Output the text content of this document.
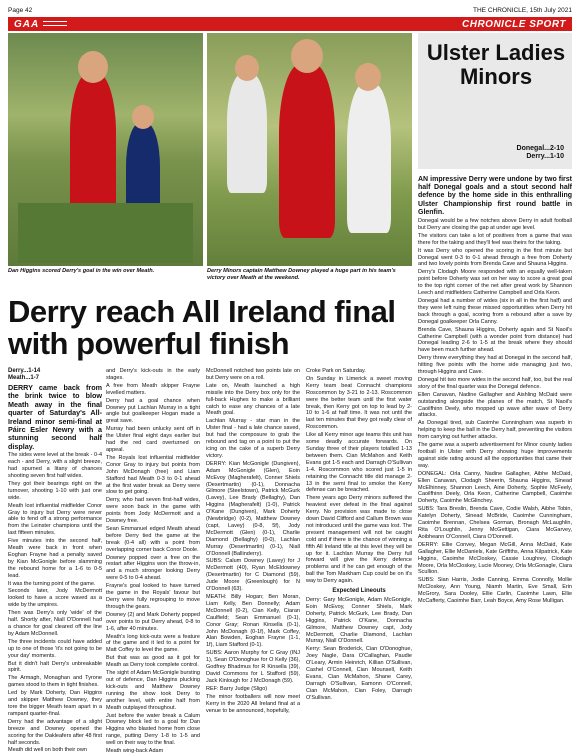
Page 42	THE CHRONICLE, 15th July 2021
GAA	CHRONICLE SPORT
Dan Higgins scored Derry's goal in the win over Meath.	Derry Minors captain Matthew Downey played a huge part in his team's victory over Meath at the weekend.
Ulster Ladies Minors
Donegal...2-10
Derry...1-10
Derry reach All Ireland final with powerful finish
Derry...1-14
Meath...1-7

DERRY came back from the brink twice to blow Meath away in the final quarter of Saturday's All-Ireland minor semi-final at Páirc Esler Newry with a stunning second half display.

The sides were level at the break - 0-4 each - and Derry, with a slight breeze, had spurned a litany of chances shooting seven first half wides.

They got their bearings right on the turnover, shooting 1-10 with just one wide.

Meath lost influential midfielder Conor Gray to injury but Derry were never able to fend off a strong performance from the Leinster champions until the last fifteen minutes.

Five minutes into the second half, Meath were back in front when Eoghan Frayne had a penalty saved by Kian McGonigle before slamming the rebound home for a 1-6 to 0-5 lead.

It was the turning point of the game.

Seconds later, Jody McDermott looked to have a score waved as a wide by the umpires.

Then was Derry's only 'wide' of the half. Shortly after, Niall O'Donnell had a chance for goal cleared off the line by Adam McDonnell.

The three incidents could have added up to one of those 'it's not going to be your day' moments.

But it didn't halt Derry's unbreakable spirit.

The Armagh, Monaghan and Tyrone games stood to them in tight finishes.

Led by Mark Doherty, Dan Higgins and skipper Matthew Downey, they tore the bigger Meath team apart in a rampant quarter-final.

Derry had the advantage of a slight breeze and Downey opened the scoring for the Oakleafers after 48 first half seconds.

Meath did well on both their own

and Derry's kick-outs in the early stages.

A free from Meath skipper Frayne levelled matters.

Derry had a goal chance when Downey put Lachlan Murray in a tight angle but goalkeeper Hogan made a great save.

Murray had been unlucky sent off in the Ulster final eight days earlier but had the red card overturned on appeal.

The Royals lost influential midfielder Conor Gray to injury but points from John McDonagh (free) and Liam Stafford had Meath 0-3 to 0-1 ahead at the first water break as Derry were slow to get going.

Derry, who had seven first-half wides, were soon back in the game with points from Jody McDermott and a Downey free.

Sean Emmanuel edged Meath ahead before Derry tied the game at the break (0-4 all) with a point from overlapping corner back Conor Doole.

Downey popped over a free on the restart after Higgins won the throw-in, and a much stronger looking Derry were 0-5 to 0-4 ahead.

Frayne's goal looked to have turned the game in the Royals' favour but Derry were fully regrouping to move through the gears.

Downey (2) and Mark Doherty popped over points to put Derry ahead, 0-8 to 1-6, after 40 minutes.

Meath's long kick-outs were a feature of the game and it led to a point for Matt Coffey to level the game.

But that was as good as it got for Meath as Derry took complete control.

The sight of Adam McGonigle bursting out of defence, Dan Higgins plucking kick-outs and Matthew Downey running the show took Derry to another level, with entire half from Meath outplayed throughout.

Just before the water break a Calum Downey block led to a goal for Dan Higgins who blasted home from close range, putting Derry 1-8 to 1-5 and well on their way to the final.

Meath wing-back Adam

McDonnell notched two points late on but Derry were on a roll.

Late on, Meath launched a high missile into the Derry box only for the full-back Hughes to make a brilliant catch to ease any chances of a late Meath goal.

Lachlan Murray - star man in the Ulster final - had a late chance saved, but had the composure to grab the rebound and tag on a point to put the icing on the cake of a superb Derry victory.

DERRY: Kian McGonigle (Dungiven), Adam McGonigle (Glen), Eoin McEvoy (Magherafelt), Conner Shiels (Desertmartin) (0-1), Donnacha Gilmore (Steelstown), Patrick McGurk (Lavey), Lee Brady (Bellaghy), Dan Higgins (Magherafelt) (1-0), Patrick O'Kane (Dungiven), Mark Doherty (Newbridge) (0-2), Matthew Downey (capt, Lavey) (0-8, 5f), Jody McDermott (Glen) (0-1), Charlie Diamond (Bellaghy) (0-0), Lachlan Murray (Desertmartin) (0-1), Niall O'Donnell (Ballinderry).

SUBS: Calum Downey (Lavey) for J McDermott (40), Ryan McEldowney (Desertmartin) for C Diamond (59), Jude Moore (Greenlough) for N O'Donnell (63).

MEATH: Billy Hogan; Ben Moran, Liam Kelly, Ben Donnelly; Adam McDonnell (0-2), Cian Kelly, Ciaran Caulfield; Sean Emmanuel (0-1), Conor Gray; Ronan Kinsella (0-1), John McDonagh (0-1f), Mark Coffey, Alan Bowden, Eoghan Frayne (1-1, 1f), Liam Stafford (0-1).

SUBS: Aaron Murphy for C Gray (INJ 1), Sean O'Donoghue for O Kelly (36), Godfrey Bhadmus for R Kinsella (39), David Commons for L Stafford (59), Jack Kinlough for J McDonagh (59).

REF: Barry Judge (Sligo)

The minor footballers will now meet Kerry in the 2020 All Ireland final at a venue to be announced, hopefully,

Croke Park on Saturday.

On Sunday in Limerick a sweet moving Kerry team beat Connacht champions Roscommon by 3-21 to 2-13. Roscommon were the better team until the first water break, then Kerry got on top to lead by 2-10 to 1-6 at half time. It was not until the last ten minutes that they got really clear of Roscommon.

Like all Kerry minor age teams this unit has some deadly accurate forwards. On Sunday three of their players totalled 1-13 between them. Cian McMahon and Keith Evans got 1-5 each and Darragh O'Sullivan 1-4. Roscommon who scored just 1-5 in retaining the Connacht title did manage 2-13 in the semi final to smoke the Kerry defense can be breached.

There years ago Derry minors suffered the heaviest ever defeat in the final against Kerry. No provision was made to close down David Clifford and Callum Brown was not introduced until the game was lost. The present management will not be caught cold and if there is the chance of winning a fifth All Ireland title at this level they will be up for it. Lachlan Murray the Derry full forward will give the Kerry defence problems and if he can get enough of the ball the Tom Markham Cup could be on it's way to Derry again.

Expected Lineouts

Derry: Gary McGonigle, Adam McGonigle, Eoin McEvoy, Conner Shiels, Mark Doherty, Patrick McGurk, Lee Brady, Dan Higgins, Patrick O'Kane, Donnacha Gilmore, Matthew Downey capt, Jody McDermott, Charlie Diamond, Lachlan Murray, Niall O'Donnell.

Kerry: Sean Broderick, Cian O'Donoghue, Joey Nagle, Dara O'Callaghan, Paudie O'Leary, Armin Heinrich, Killian O'Sullivan, Cashel O'Connell, Cian Mounsell, Keith Evans, Cian McMahon, Shane Carey, Darragh O'Sullivan, Eamonn O'Connell, Cian McMahon, Cian Foley, Darragh O'Sullivan.

AN impressive Derry were undone by two first half Donegal goals and a stout second half defence by the home side in this enthralling Ulster Championship first round battle in Glenfin.

Donegal would be a few notches above Derry in adult football but Derry are closing the gap at under age level.

The visitors can take a lot of positives from a game that was there for the taking and they'll feel was theirs for the taking.

It was Derry who opened the scoring in the first minute but Donegal went 0-3 to 0-1 ahead through a free from Doherty and two lovely points from Brenda Cave and Shauna Higgins.

Derry's Clodagh Moore responded with an equally well-taken point before Doherty was set on her way to score a great goal to the top right corner of the net after great work by Shannon Leech and midfielders Catherine Campbell and Orla Keon.

Donegal had a number of wides (six in all in the first half) and they were left ruing these missed opportunities when Derry hit back through a goal, scoring from a rebound after a save by Donegal goalkeeper Orla Canny.

Brenda Cave, Shauna Higgins, Doherty again and St Naoil's Catherine Campbell (with a wonder point from distance) had Donegal leading 2-6 to 1-5 at the break where they should have been much further ahead.

Derry threw everything they had at Donegal in the second half, hitting five points with the home side managing just two, through Higgins and Cave.

Donegal hit two more wides in the second half, too, but the real story of the final quarter was the Donegal defence.

Ellen Canavan, Nadine Gallagher and Aishling McDaid were outstanding alongside the planes of the match, St Naoil's Caoilfhinn Deely, who mopped up wave after wave of Derry attacks.

As Donegal tired, sub Caoimhe Cunningham was superb in helping to keep the ball in the Derry half, preventing the visitors from carrying out further attacks.

The game was a superb advertisement for Minor county ladies football in Ulster with Derry showing huge improvements against side rating around all the opportunities that came their way.

DONEGAL: Orla Canny, Nadine Gallagher, Aibhe McDaid, Ellen Canavan, Clodagh Sheerin, Shauna Higgins, Sinead McElhinney, Shannon Leech, Aine Doherty, Sophie McFeely, Caoilfhinn Deely, Orla Keon, Catherine Campbell, Caoimhe Doherty, Caoimhe McGlinchey.

SUBS: Tara Breslin, Brenda Cave, Codie Walsh, Aibhe Tobin, Katelyn Doherty, Sinead McBride, Caoimhe Cunningham, Caoimhe Brennan, Chelsea Gorman, Bronagh McLaughlin, Rita O'Loughlin, Jenny McGettigan, Ciara McGarvey, Aoibheann O'Connell, Ciara O'Donnell.

DERRY: Ellie Convey, Megan McGill, Anna McDaid, Kate Gallagher, Ellie McDaniels, Kate Griffiths, Anna Kilpatrick, Kate Higgins, Caoimhe McCloskey, Cassie Loughrey, Clodagh Moore, Orla McCloskey, Lucie Mooney, Orla McGonagle, Ciara Scullion.

SUBS: Sian Harris, Jodie Canning, Emma Connolly, Mollie McCloskey, Ann Young, Niamh Martin, Eve Small, Erin McGrory, Sara Dooley, Ellie Carlin, Caoimhe Lawn, Ellie McCafferty, Caoimhe Barr, Leah Boyce, Amy Rose Mulligan.
